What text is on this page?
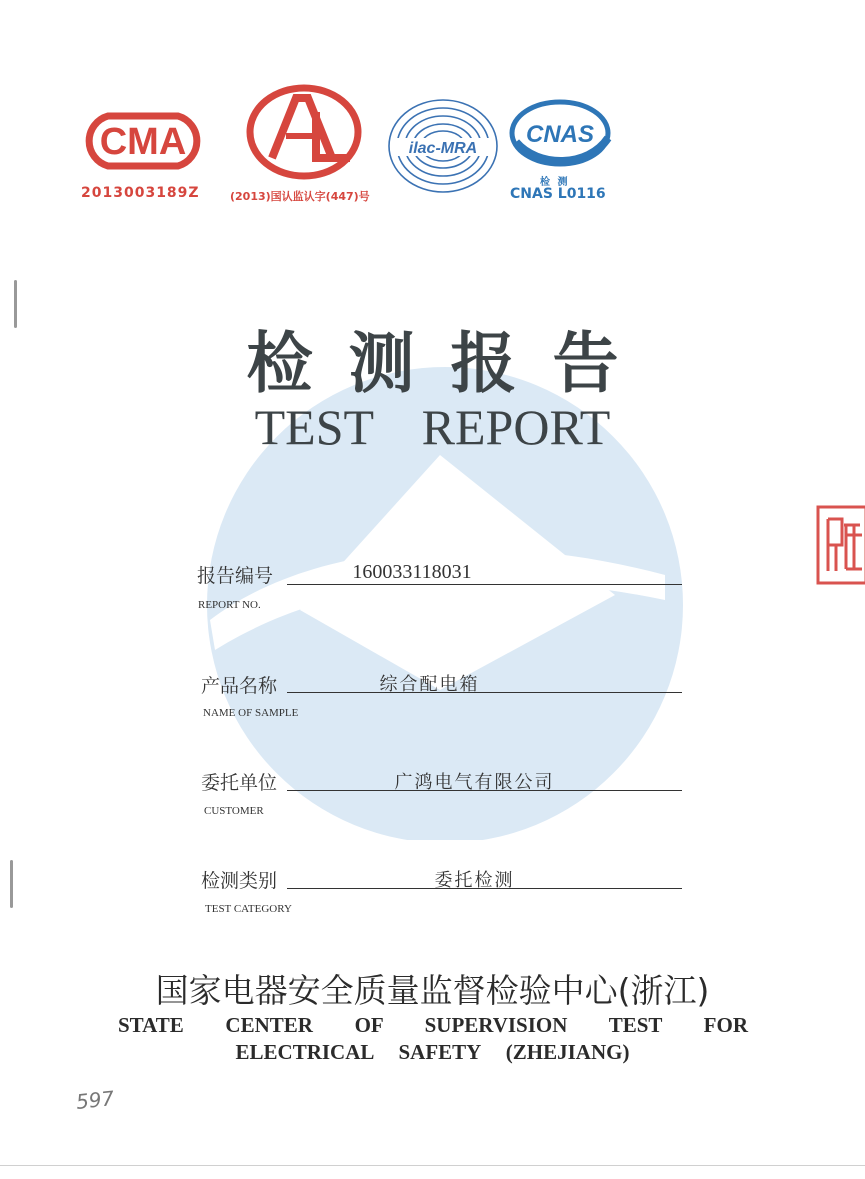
CMA
2013003189Z	(2013)国认监认字(447)号
ilac-MRA
CNAS
检 测
CNAS L0116
检测报告
TEST REPORT
报告编号	160033118031
REPORT NO.
产品名称	综合配电箱
NAME OF SAMPLE
委托单位	广鸿电气有限公司
CUSTOMER
检测类别	委托检测
TEST CATEGORY
国家电器安全质量监督检验中心(浙江)
STATE CENTER OF SUPERVISION TEST FOR
ELECTRICAL SAFETY (ZHEJIANG)
597
